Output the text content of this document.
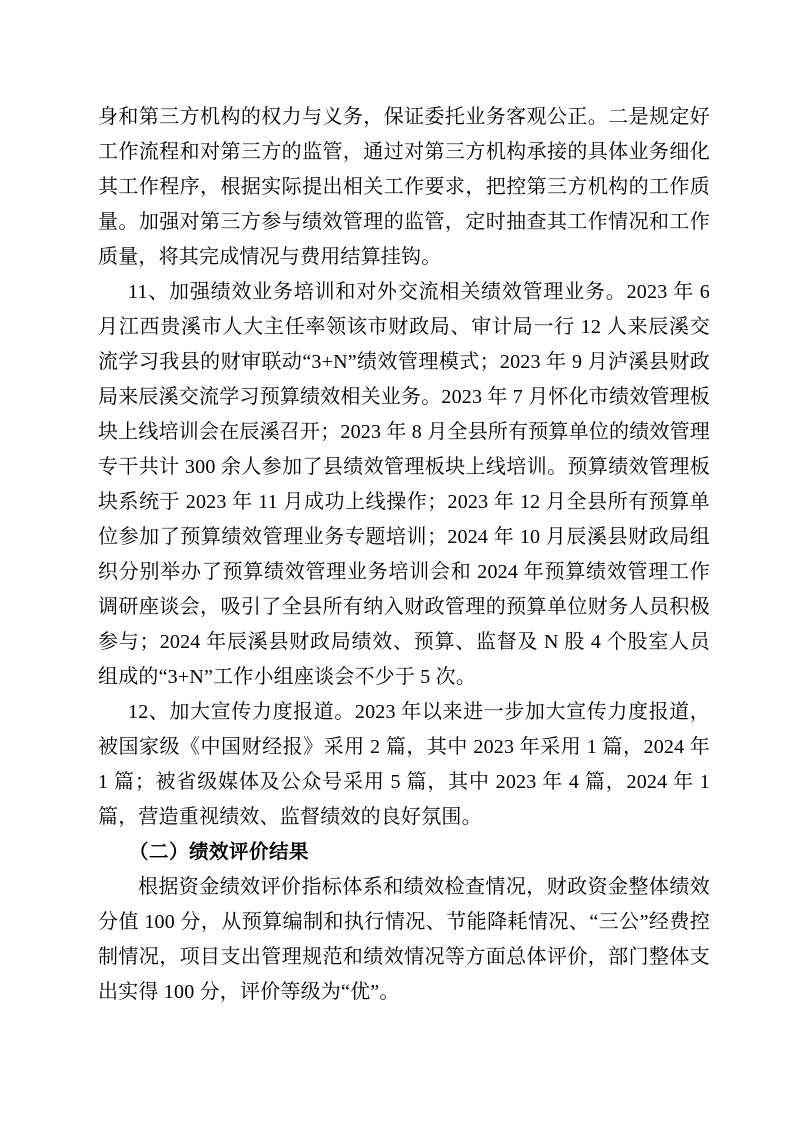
身和第三方机构的权力与义务，保证委托业务客观公正。二是规定好工作流程和对第三方的监管，通过对第三方机构承接的具体业务细化其工作程序，根据实际提出相关工作要求，把控第三方机构的工作质量。加强对第三方参与绩效管理的监管，定时抽查其工作情况和工作质量，将其完成情况与费用结算挂钩。

11、加强绩效业务培训和对外交流相关绩效管理业务。2023 年 6 月江西贵溪市人大主任率领该市财政局、审计局一行 12 人来辰溪交流学习我县的财审联动“3+N”绩效管理模式；2023 年 9 月泸溪县财政局来辰溪交流学习预算绩效相关业务。2023 年 7 月怀化市绩效管理板块上线培训会在辰溪召开；2023 年 8 月全县所有预算单位的绩效管理专干共计 300 余人参加了县绩效管理板块上线培训。预算绩效管理板块系统于 2023 年 11 月成功上线操作；2023 年 12 月全县所有预算单位参加了预算绩效管理业务专题培训；2024 年 10 月辰溪县财政局组织分别举办了预算绩效管理业务培训会和 2024 年预算绩效管理工作调研座谈会，吸引了全县所有纳入财政管理的预算单位财务人员积极参与；2024 年辰溪县财政局绩效、预算、监督及 N 股 4 个股室人员组成的“3+N”工作小组座谈会不少于 5 次。

12、加大宣传力度报道。2023 年以来进一步加大宣传力度报道，被国家级《中国财经报》采用 2 篇，其中 2023 年采用 1 篇，2024 年 1 篇；被省级媒体及公众号采用 5 篇，其中 2023 年 4 篇，2024 年 1 篇，营造重视绩效、监督绩效的良好氛围。

（二）绩效评价结果

根据资金绩效评价指标体系和绩效检查情况，财政资金整体绩效分值 100 分，从预算编制和执行情况、节能降耗情况、“三公”经费控制情况，项目支出管理规范和绩效情况等方面总体评价，部门整体支出实得 100 分，评价等级为“优”。
